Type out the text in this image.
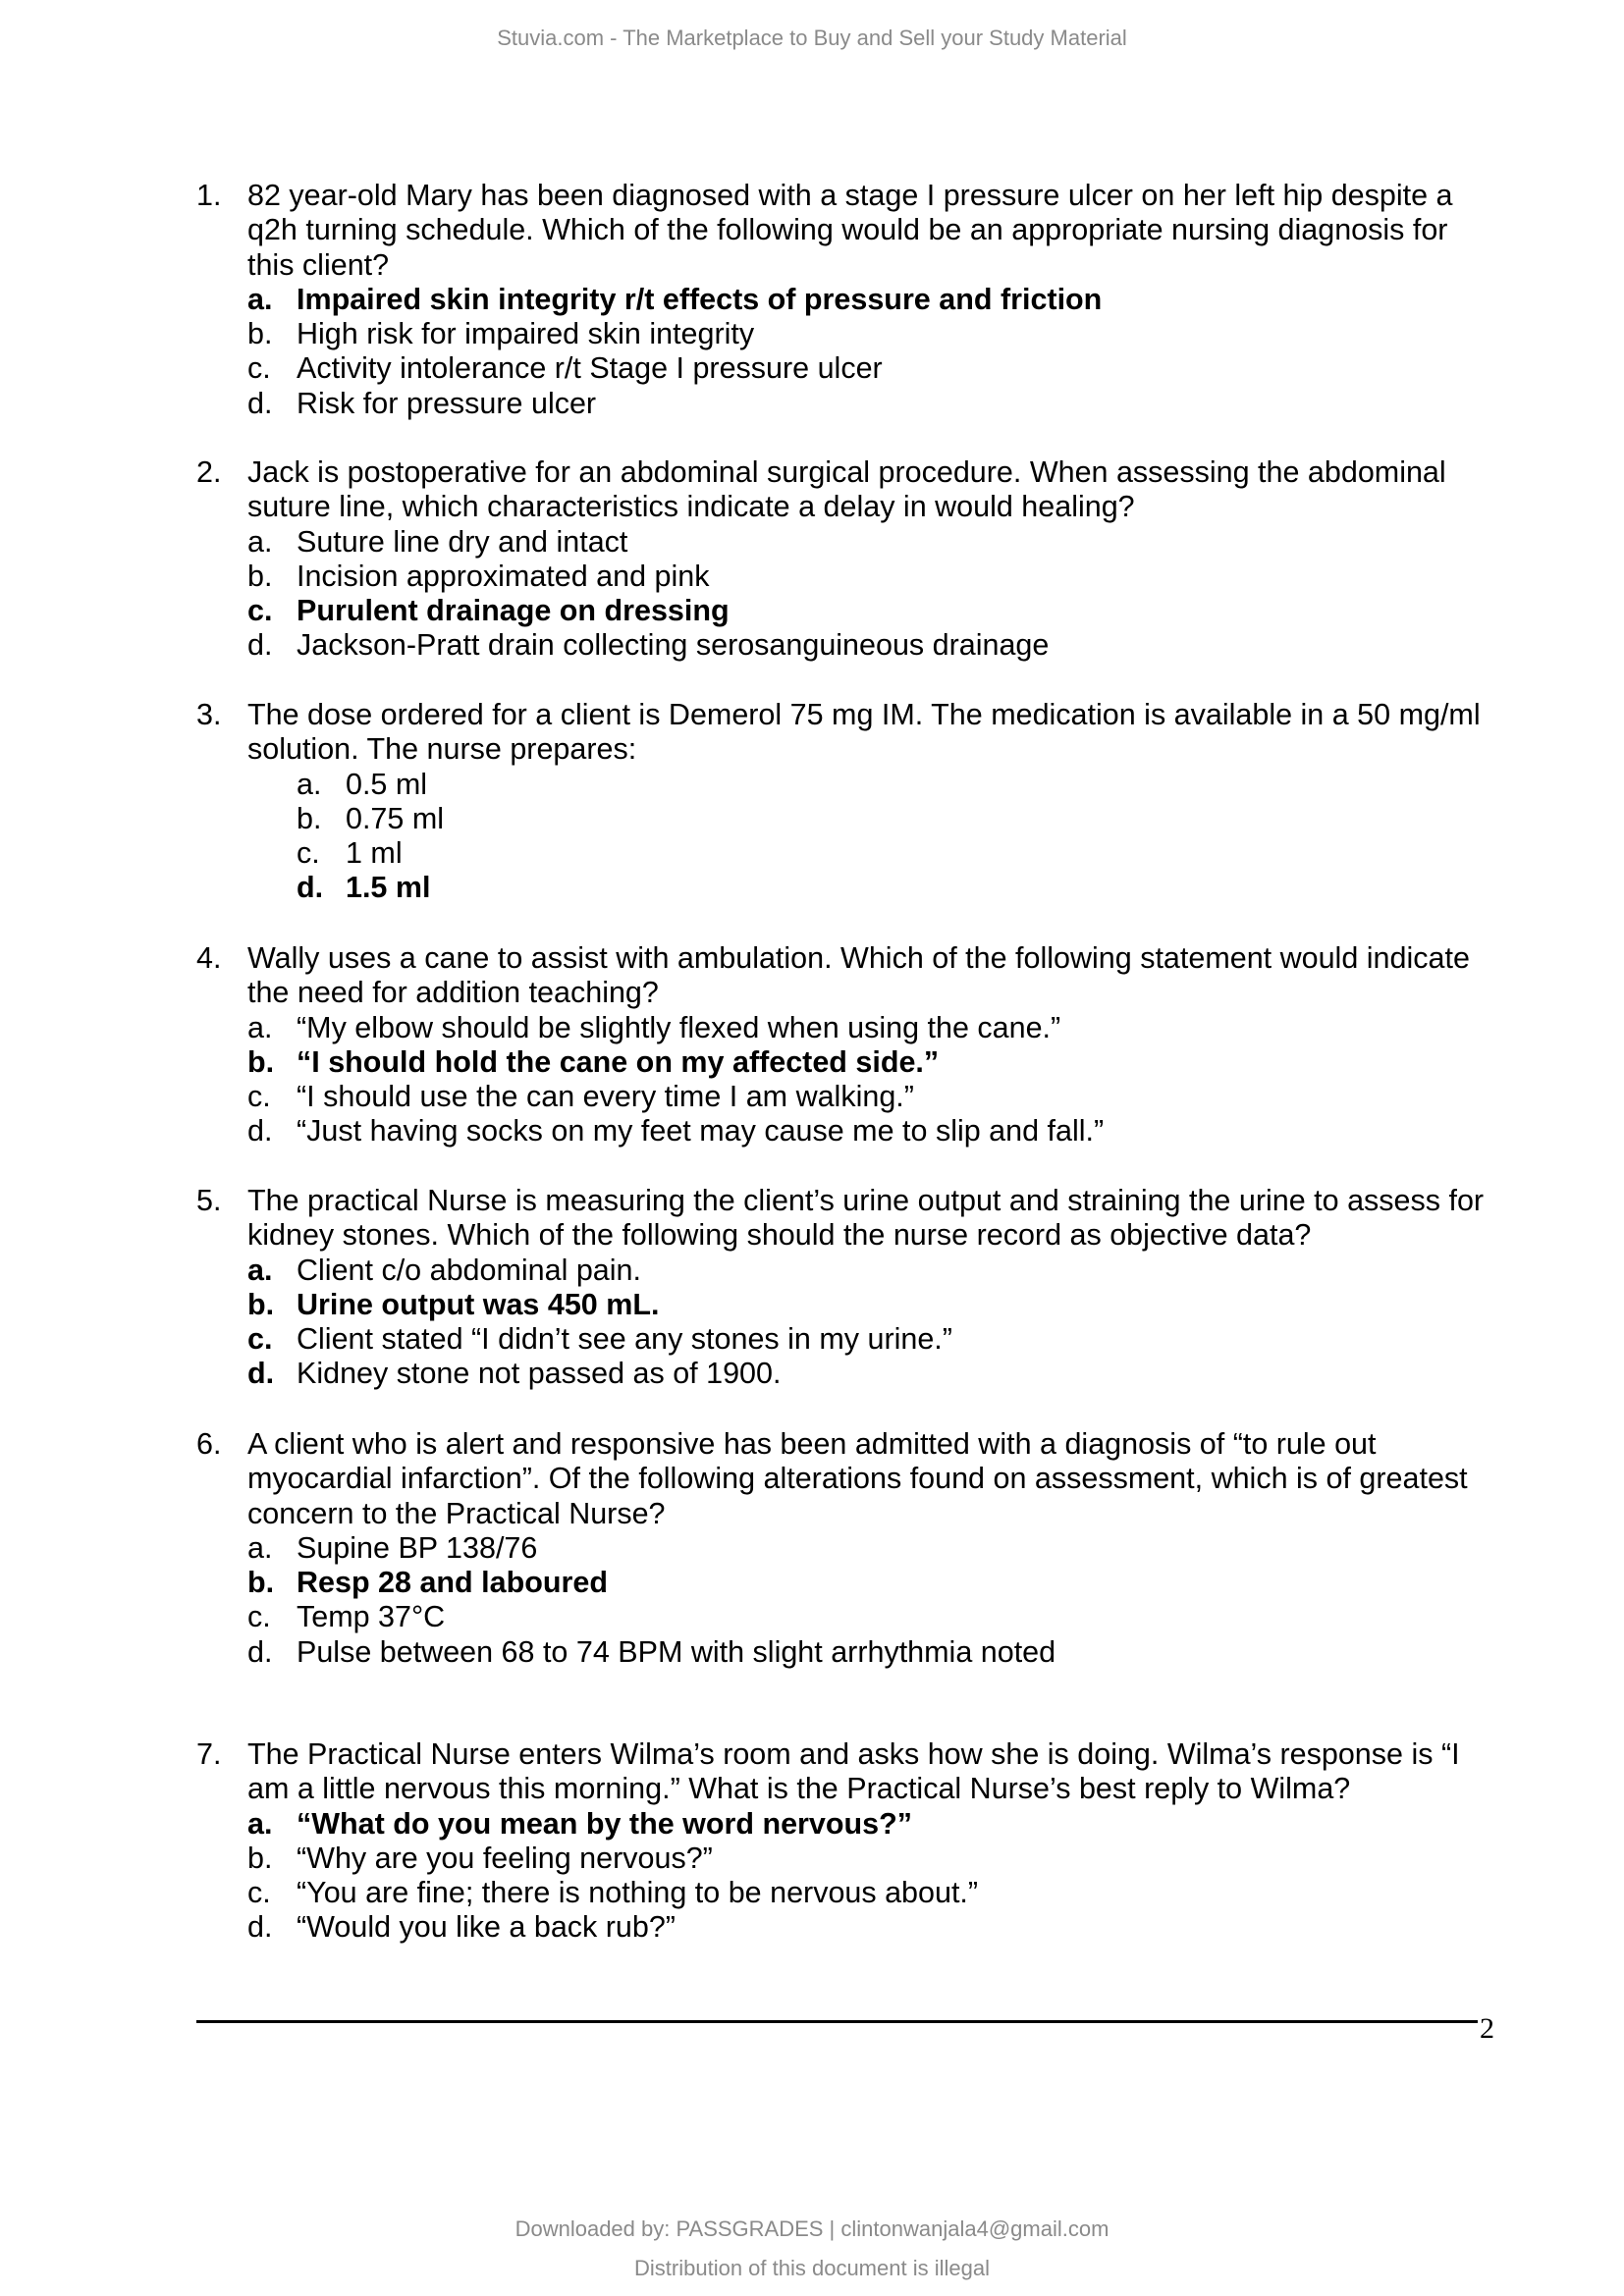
Stuvia.com - The Marketplace to Buy and Sell your Study Material
1. 82 year-old Mary has been diagnosed with a stage I pressure ulcer on her left hip despite a
q2h turning schedule. Which of the following would be an appropriate nursing diagnosis for
this client?
a. Impaired skin integrity r/t effects of pressure and friction
b. High risk for impaired skin integrity
c. Activity intolerance r/t Stage I pressure ulcer
d. Risk for pressure ulcer
2. Jack is postoperative for an abdominal surgical procedure. When assessing the abdominal
suture line, which characteristics indicate a delay in would healing?
a. Suture line dry and intact
b. Incision approximated and pink
c. Purulent drainage on dressing
d. Jackson-Pratt drain collecting serosanguineous drainage
3. The dose ordered for a client is Demerol 75 mg IM. The medication is available in a 50 mg/ml
solution. The nurse prepares:
a. 0.5 ml
b. 0.75 ml
c. 1 ml
d. 1.5 ml
4. Wally uses a cane to assist with ambulation. Which of the following statement would indicate
the need for addition teaching?
a. “My elbow should be slightly flexed when using the cane.”
b. “I should hold the cane on my affected side.”
c. “I should use the can every time I am walking.”
d. “Just having socks on my feet may cause me to slip and fall.”
5. The practical Nurse is measuring the client’s urine output and straining the urine to assess for
kidney stones. Which of the following should the nurse record as objective data?
a. Client c/o abdominal pain.
b. Urine output was 450 mL.
c. Client stated “I didn’t see any stones in my urine.”
d. Kidney stone not passed as of 1900.
6. A client who is alert and responsive has been admitted with a diagnosis of “to rule out
myocardial infarction”. Of the following alterations found on assessment, which is of greatest
concern to the Practical Nurse?
a. Supine BP 138/76
b. Resp 28 and laboured
c. Temp 37°C
d. Pulse between 68 to 74 BPM with slight arrhythmia noted
7. The Practical Nurse enters Wilma’s room and asks how she is doing. Wilma’s response is “I
am a little nervous this morning.” What is the Practical Nurse’s best reply to Wilma?
a. “What do you mean by the word nervous?”
b. “Why are you feeling nervous?”
c. “You are fine; there is nothing to be nervous about.”
d. “Would you like a back rub?”
2
Downloaded by: PASSGRADES | clintonwanjala4@gmail.com
Distribution of this document is illegal
